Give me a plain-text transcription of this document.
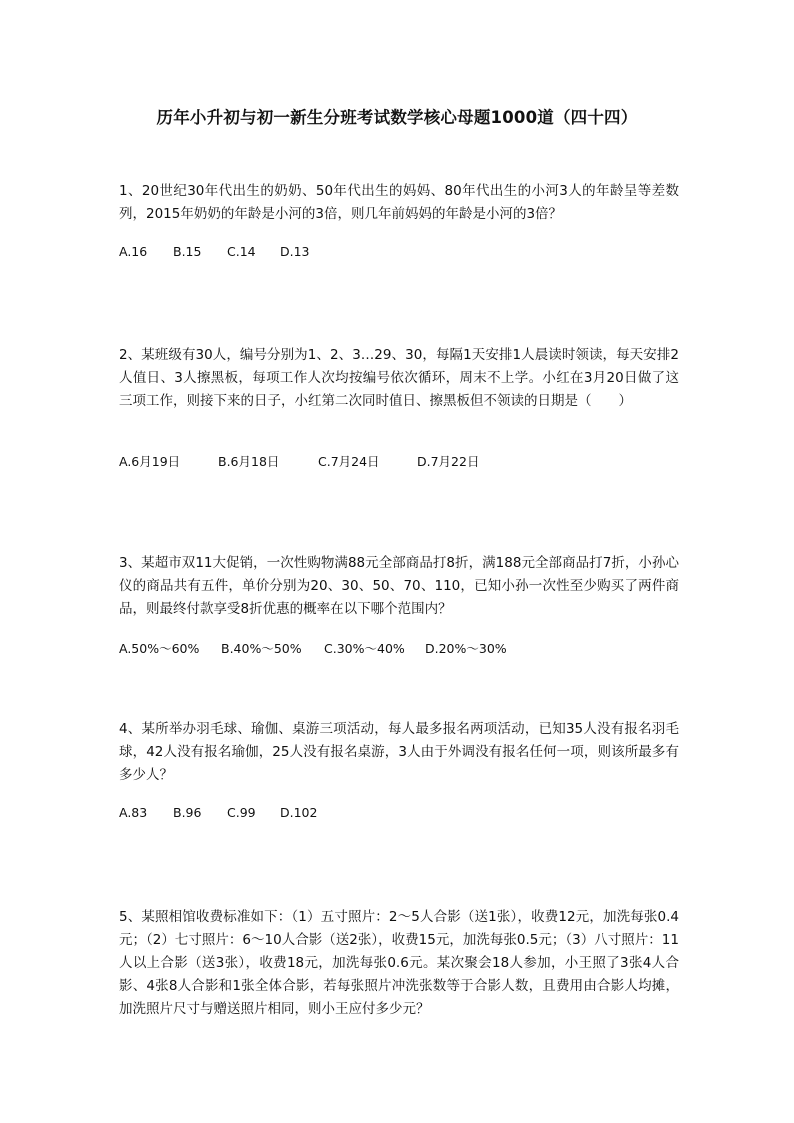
历年小升初与初一新生分班考试数学核心母题1000道（四十四）

1、20世纪30年代出生的奶奶、50年代出生的妈妈、80年代出生的小河3人的年龄呈等差数列，2015年奶奶的年龄是小河的3倍，则几年前妈妈的年龄是小河的3倍？

A.16 B.15 C.14 D.13

2、某班级有30人，编号分别为1、2、3…29、30，每隔1天安排1人晨读时领读，每天安排2人值日、3人擦黑板，每项工作人次均按编号依次循环，周末不上学。小红在3月20日做了这三项工作，则接下来的日子，小红第二次同时值日、擦黑板但不领读的日期是（　　）

A.6月19日	B.6月18日	C.7月24日	D.7月22日

3、某超市双11大促销，一次性购物满88元全部商品打8折，满188元全部商品打7折，小孙心仪的商品共有五件，单价分别为20、30、50、70、110，已知小孙一次性至少购买了两件商品，则最终付款享受8折优惠的概率在以下哪个范围内？

A.50%～60% B.40%～50% C.30%～40% D.20%～30%

4、某所举办羽毛球、瑜伽、桌游三项活动，每人最多报名两项活动，已知35人没有报名羽毛球，42人没有报名瑜伽，25人没有报名桌游，3人由于外调没有报名任何一项，则该所最多有多少人？

A.83 B.96 C.99 D.102

5、某照相馆收费标准如下：（1）五寸照片：2～5人合影（送1张），收费12元，加洗每张0.4元；（2）七寸照片：6～10人合影（送2张），收费15元，加洗每张0.5元；（3）八寸照片：11人以上合影（送3张），收费18元，加洗每张0.6元。某次聚会18人参加，小王照了3张4人合影、4张8人合影和1张全体合影，若每张照片冲洗张数等于合影人数，且费用由合影人均摊，加洗照片尺寸与赠送照片相同，则小王应付多少元？
